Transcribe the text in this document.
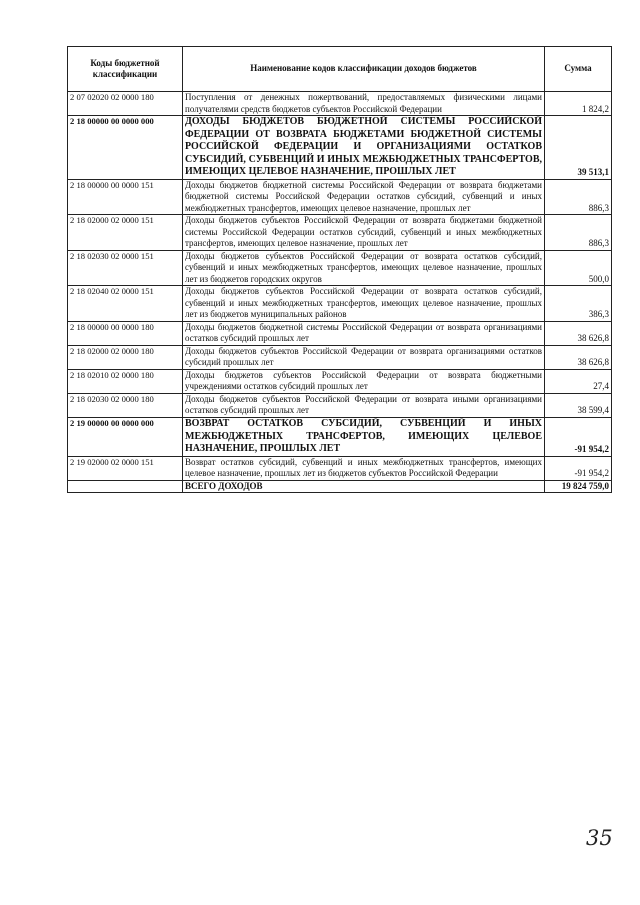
Коды бюджетной классификации	Наименование кодов классификации доходов бюджетов	Сумма
2 07 02020 02 0000 180	Поступления от денежных пожертвований, предоставляемых физическими лицами получателями средств бюджетов субъектов Российской Федерации	1 824,2
2 18 00000 00 0000 000	ДОХОДЫ БЮДЖЕТОВ БЮДЖЕТНОЙ СИСТЕМЫ РОССИЙСКОЙ ФЕДЕРАЦИИ ОТ ВОЗВРАТА БЮДЖЕТАМИ БЮДЖЕТНОЙ СИСТЕМЫ РОССИЙСКОЙ ФЕДЕРАЦИИ И ОРГАНИЗАЦИЯМИ ОСТАТКОВ СУБСИДИЙ, СУБВЕНЦИЙ И ИНЫХ МЕЖБЮДЖЕТНЫХ ТРАНСФЕРТОВ, ИМЕЮЩИХ ЦЕЛЕВОЕ НАЗНАЧЕНИЕ, ПРОШЛЫХ ЛЕТ	39 513,1
2 18 00000 00 0000 151	Доходы бюджетов бюджетной системы Российской Федерации от возврата бюджетами бюджетной системы Российской Федерации остатков субсидий, субвенций и иных межбюджетных трансфертов, имеющих целевое назначение, прошлых лет	886,3
2 18 02000 02 0000 151	Доходы бюджетов субъектов Российской Федерации от возврата бюджетами бюджетной системы Российской Федерации остатков субсидий, субвенций и иных межбюджетных трансфертов, имеющих целевое назначение, прошлых лет	886,3
2 18 02030 02 0000 151	Доходы бюджетов субъектов Российской Федерации от возврата остатков субсидий, субвенций и иных межбюджетных трансфертов, имеющих целевое назначение, прошлых лет из бюджетов городских округов	500,0
2 18 02040 02 0000 151	Доходы бюджетов субъектов Российской Федерации от возврата остатков субсидий, субвенций и иных межбюджетных трансфертов, имеющих целевое назначение, прошлых лет из бюджетов муниципальных районов	386,3
2 18 00000 00 0000 180	Доходы бюджетов бюджетной системы Российской Федерации от возврата организациями остатков субсидий прошлых лет	38 626,8
2 18 02000 02 0000 180	Доходы бюджетов субъектов Российской Федерации от возврата организациями остатков субсидий прошлых лет	38 626,8
2 18 02010 02 0000 180	Доходы бюджетов субъектов Российской Федерации от возврата бюджетными учреждениями остатков субсидий прошлых лет	27,4
2 18 02030 02 0000 180	Доходы бюджетов субъектов Российской Федерации от возврата иными организациями остатков субсидий прошлых лет	38 599,4
2 19 00000 00 0000 000	ВОЗВРАТ ОСТАТКОВ СУБСИДИЙ, СУБВЕНЦИЙ И ИНЫХ МЕЖБЮДЖЕТНЫХ ТРАНСФЕРТОВ, ИМЕЮЩИХ ЦЕЛЕВОЕ НАЗНАЧЕНИЕ, ПРОШЛЫХ ЛЕТ	-91 954,2
2 19 02000 02 0000 151	Возврат остатков субсидий, субвенций и иных межбюджетных трансфертов, имеющих целевое назначение, прошлых лет из бюджетов субъектов Российской Федерации	-91 954,2
	ВСЕГО ДОХОДОВ	19 824 759,0
35
